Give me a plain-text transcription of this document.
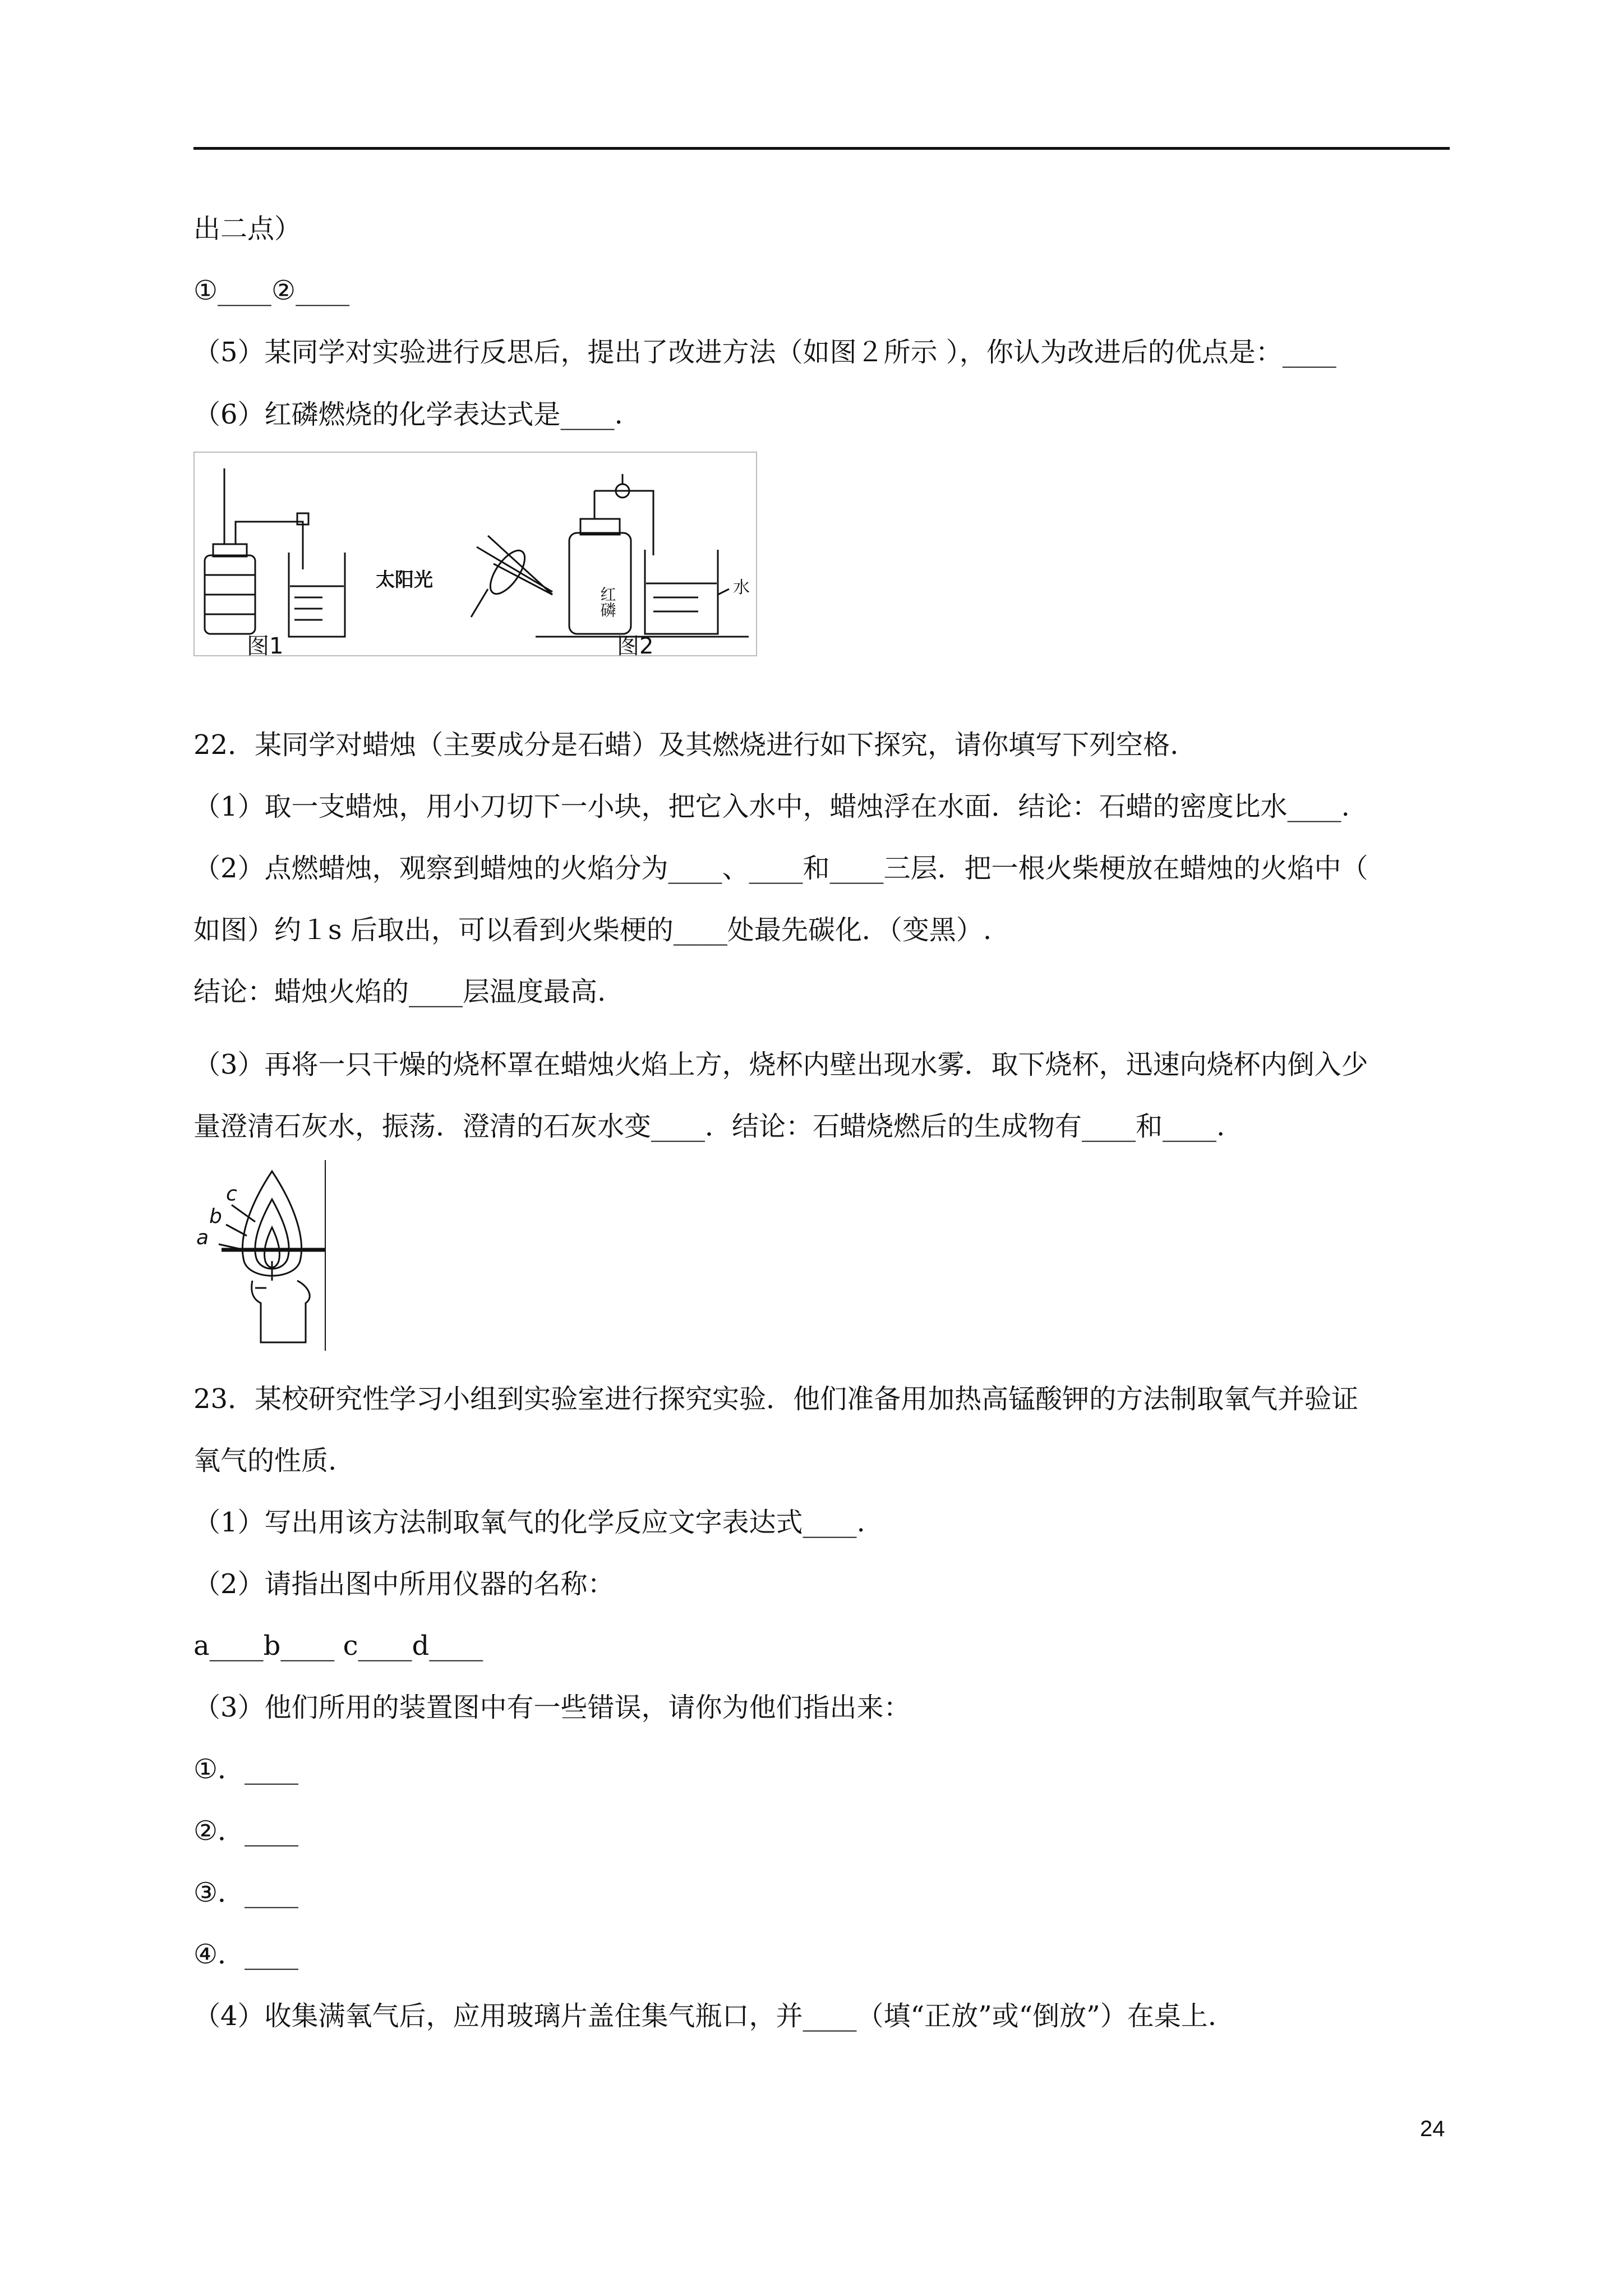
出二点）
①____②____
（5）某同学对实验进行反思后，提出了改进方法（如图２所示 ），你认为改进后的优点是：____
（6）红磷燃烧的化学表达式是____.
太阳光	水
红磷
图1	图2
22．某同学对蜡烛（主要成分是石蜡）及其燃烧进行如下探究，请你填写下列空格.
（1）取一支蜡烛，用小刀切下一小块，把它入水中，蜡烛浮在水面．结论：石蜡的密度比水____.
（2）点燃蜡烛，观察到蜡烛的火焰分为____、____和____三层．把一根火柴梗放在蜡烛的火焰中（
如图）约１s 后取出，可以看到火柴梗的____处最先碳化．（变黑）.
结论：蜡烛火焰的____层温度最高.
（3）再将一只干燥的烧杯罩在蜡烛火焰上方，烧杯内壁出现水雾．取下烧杯，迅速向烧杯内倒入少
量澄清石灰水，振荡．澄清的石灰水变____．结论：石蜡烧燃后的生成物有____和____.
c
b
a
23．某校研究性学习小组到实验室进行探究实验．他们准备用加热高锰酸钾的方法制取氧气并验证
氧气的性质.
（1）写出用该方法制取氧气的化学反应文字表达式____.
（2）请指出图中所用仪器的名称：
a____b____ c____d____
（3）他们所用的装置图中有一些错误，请你为他们指出来：
①．____
②．____
③．____
④．____
（4）收集满氧气后，应用玻璃片盖住集气瓶口，并____（填“正放”或“倒放”）在桌上.
24
